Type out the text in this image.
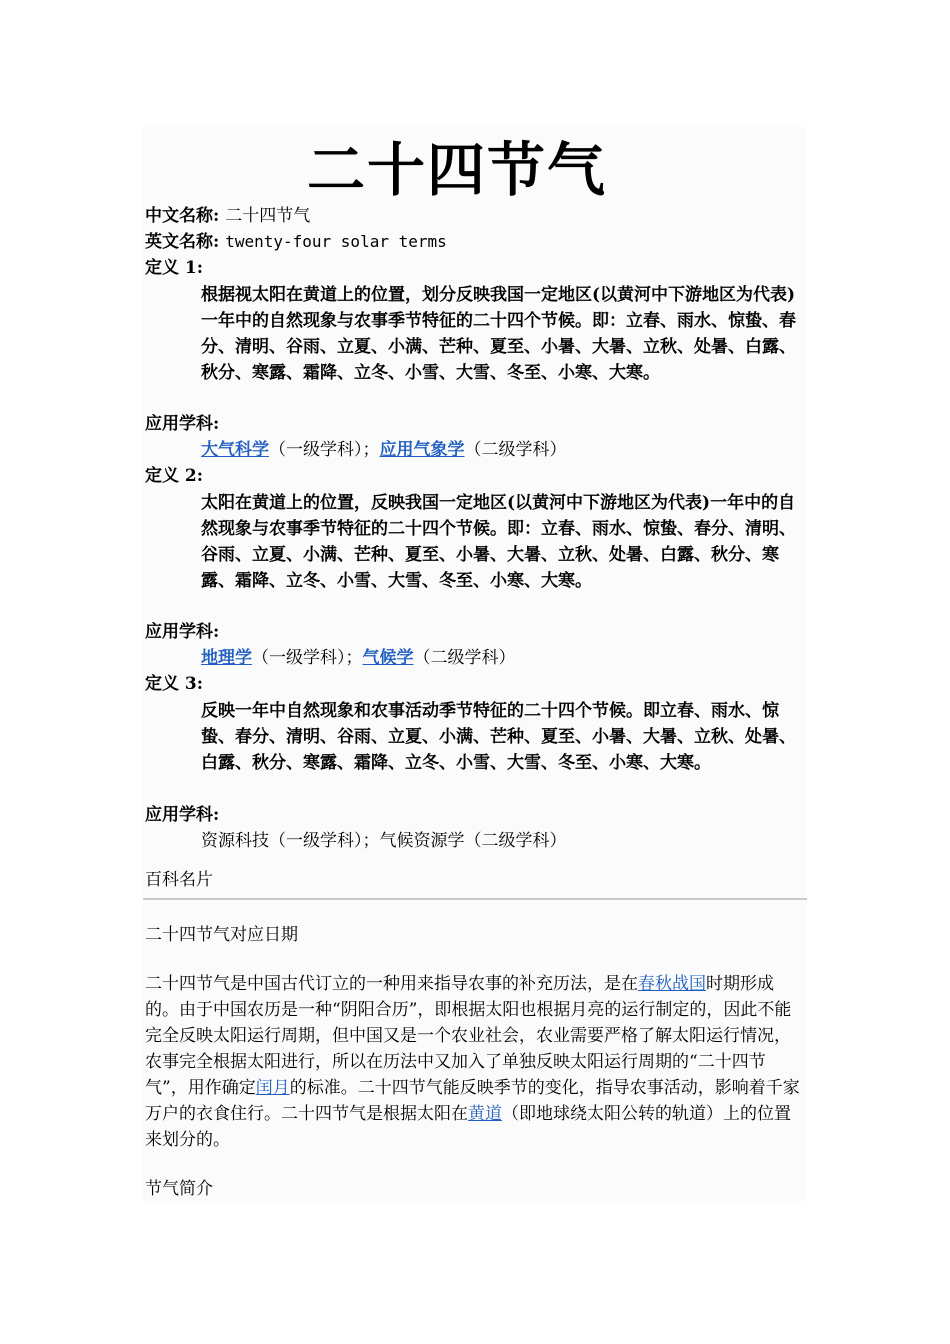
二十四节气
中文名称: 二十四节气
英文名称: twenty-four solar terms
定义 1:
根据视太阳在黄道上的位置，划分反映我国一定地区(以黄河中下游地区为代表)一年中的自然现象与农事季节特征的二十四个节候。即：立春、雨水、惊蛰、春分、清明、谷雨、立夏、小满、芒种、夏至、小暑、大暑、立秋、处暑、白露、秋分、寒露、霜降、立冬、小雪、大雪、冬至、小寒、大寒。
应用学科:
大气科学（一级学科）；应用气象学（二级学科）
定义 2:
太阳在黄道上的位置，反映我国一定地区(以黄河中下游地区为代表)一年中的自然现象与农事季节特征的二十四个节候。即：立春、雨水、惊蛰、春分、清明、谷雨、立夏、小满、芒种、夏至、小暑、大暑、立秋、处暑、白露、秋分、寒露、霜降、立冬、小雪、大雪、冬至、小寒、大寒。
应用学科:
地理学（一级学科）；气候学（二级学科）
定义 3:
反映一年中自然现象和农事活动季节特征的二十四个节候。即立春、雨水、惊蛰、春分、清明、谷雨、立夏、小满、芒种、夏至、小暑、大暑、立秋、处暑、白露、秋分、寒露、霜降、立冬、小雪、大雪、冬至、小寒、大寒。
应用学科:
资源科技（一级学科）；气候资源学（二级学科）
百科名片
二十四节气对应日期
二十四节气是中国古代订立的一种用来指导农事的补充历法，是在春秋战国时期形成的。由于中国农历是一种“阴阳合历”，即根据太阳也根据月亮的运行制定的，因此不能完全反映太阳运行周期，但中国又是一个农业社会，农业需要严格了解太阳运行情况，农事完全根据太阳进行，所以在历法中又加入了单独反映太阳运行周期的“二十四节气”，用作确定闰月的标准。二十四节气能反映季节的变化，指导农事活动，影响着千家万户的衣食住行。二十四节气是根据太阳在黄道（即地球绕太阳公转的轨道）上的位置来划分的。
节气简介
